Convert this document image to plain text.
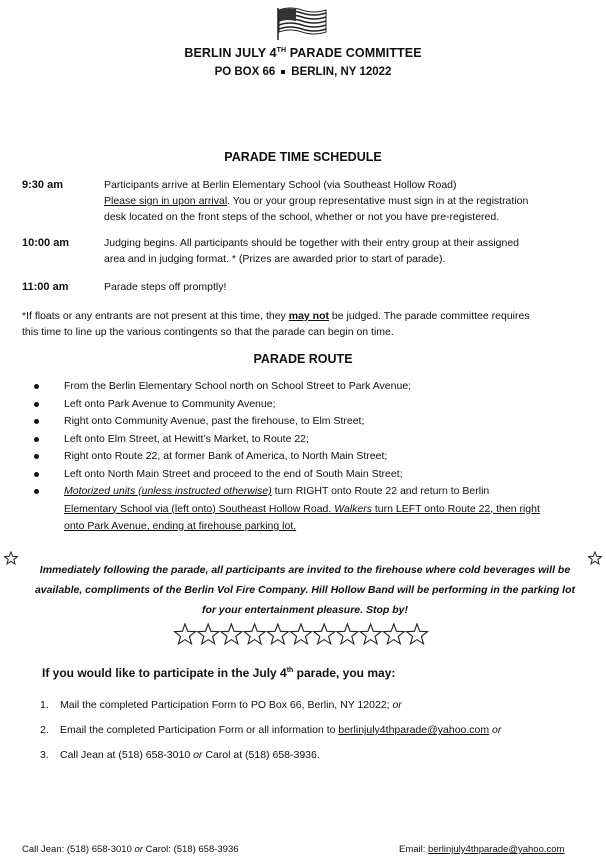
BERLIN JULY 4TH PARADE COMMITTEE
PO BOX 66 BERLIN, NY 12022
PARADE TIME SCHEDULE
9:30 am	Participants arrive at Berlin Elementary School (via Southeast Hollow Road)
Please sign in upon arrival. You or your group representative must sign in at the registration
desk located on the front steps of the school, whether or not you have pre-registered.
10:00 am	Judging begins. All participants should be together with their entry group at their assigned
area and in judging format. * (Prizes are awarded prior to start of parade).
11:00 am	Parade steps off promptly!
*If floats or any entrants are not present at this time, they may not be judged. The parade committee requires
this time to line up the various contingents so that the parade can begin on time.
PARADE ROUTE
From the Berlin Elementary School north on School Street to Park Avenue;
Left onto Park Avenue to Community Avenue;
Right onto Community Avenue, past the firehouse, to Elm Street;
Left onto Elm Street, at Hewitt’s Market, to Route 22;
Right onto Route 22, at former Bank of America, to North Main Street;
Left onto North Main Street and proceed to the end of South Main Street;
Motorized units (unless instructed otherwise) turn RIGHT onto Route 22 and return to Berlin
Elementary School via (left onto) Southeast Hollow Road. Walkers turn LEFT onto Route 22, then right
onto Park Avenue, ending at firehouse parking lot.
Immediately following the parade, all participants are invited to the firehouse where cold beverages will be
available, compliments of the Berlin Vol Fire Company. Hill Hollow Band will be performing in the parking lot
for your entertainment pleasure. Stop by!
If you would like to participate in the July 4th parade, you may:
1. Mail the completed Participation Form to PO Box 66, Berlin, NY 12022; or
2. Email the completed Participation Form or all information to berlinjuly4thparade@yahoo.com or
3. Call Jean at (518) 658-3010 or Carol at (518) 658-3936.
Call Jean: (518) 658-3010 or Carol: (518) 658-3936	Email: berlinjuly4thparade@yahoo.com
